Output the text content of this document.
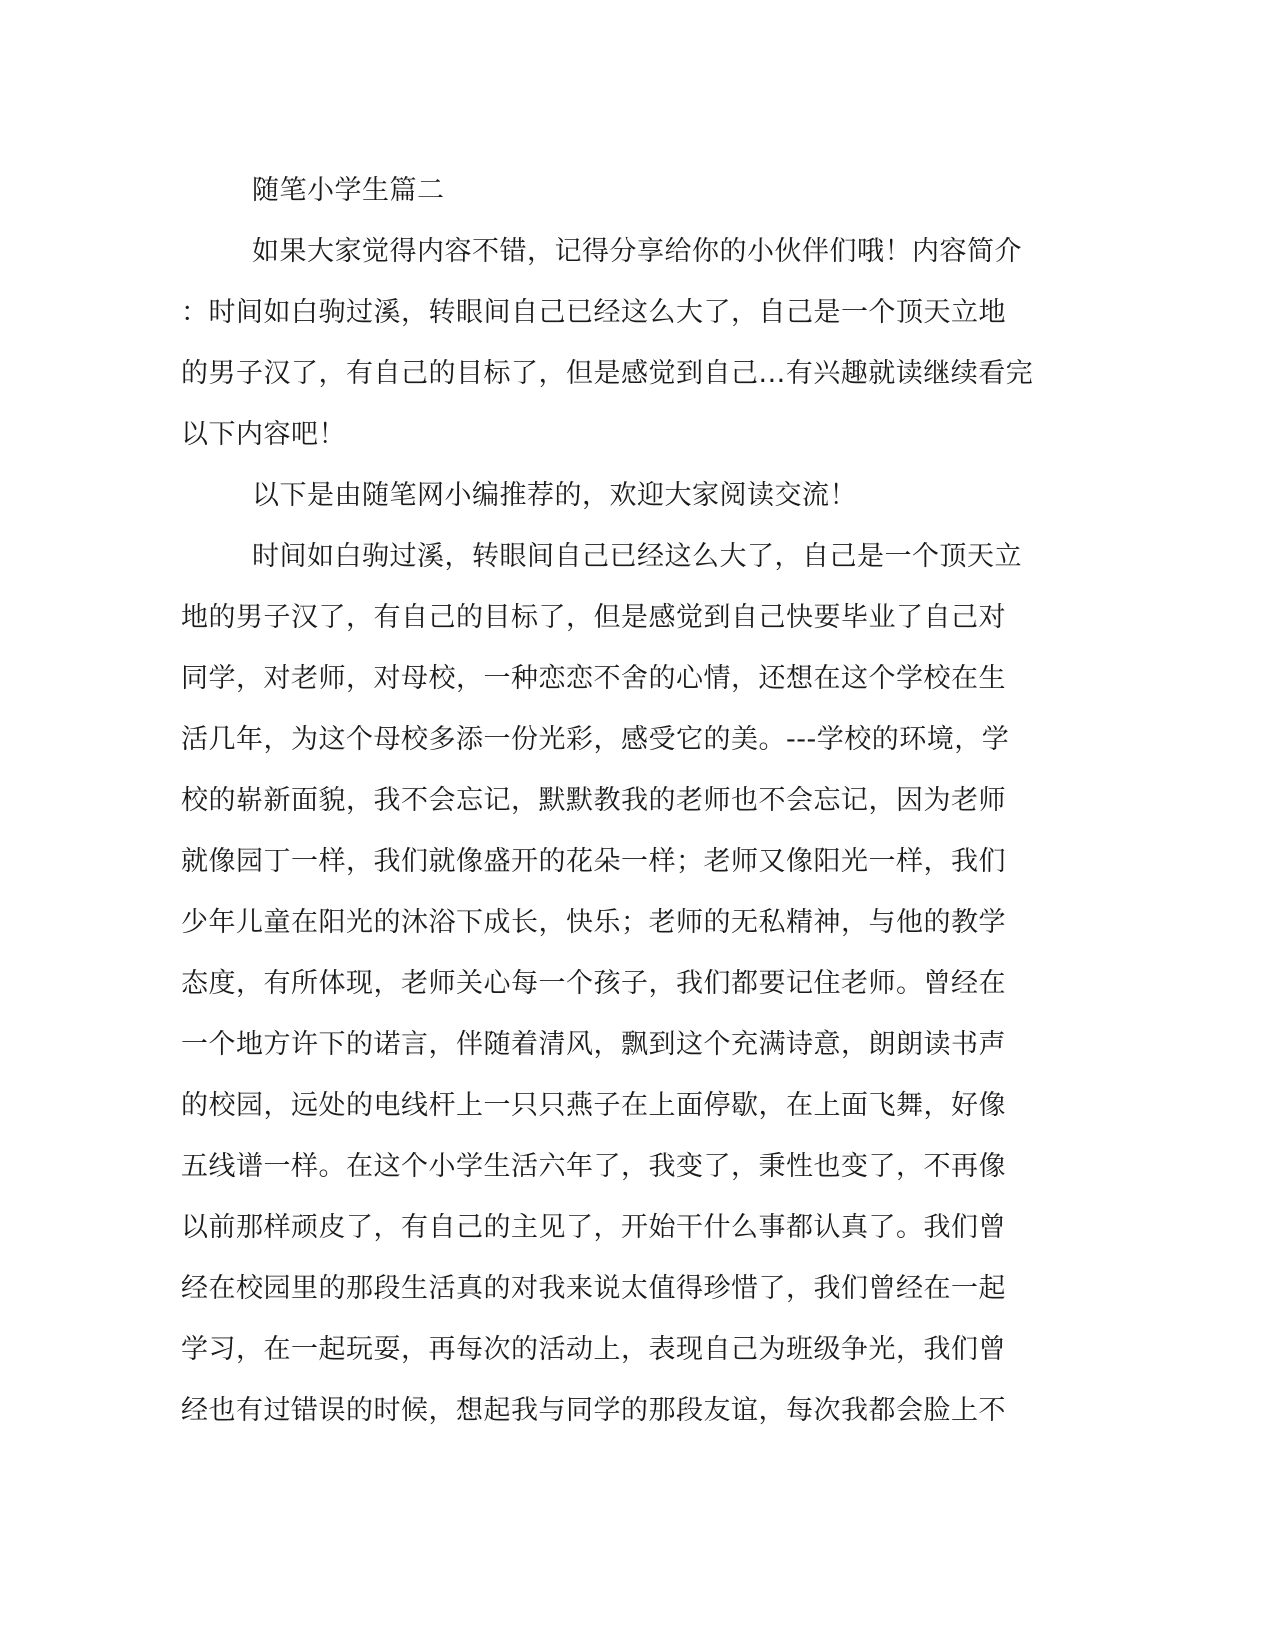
随笔小学生篇二
如果大家觉得内容不错，记得分享给你的小伙伴们哦！内容简介
：时间如白驹过溪，转眼间自己已经这么大了，自己是一个顶天立地
的男子汉了，有自己的目标了，但是感觉到自己...有兴趣就读继续看完
以下内容吧！
以下是由随笔网小编推荐的，欢迎大家阅读交流！
时间如白驹过溪，转眼间自己已经这么大了，自己是一个顶天立
地的男子汉了，有自己的目标了，但是感觉到自己快要毕业了自己对
同学，对老师，对母校，一种恋恋不舍的心情，还想在这个学校在生
活几年，为这个母校多添一份光彩，感受它的美。---学校的环境，学
校的崭新面貌，我不会忘记，默默教我的老师也不会忘记，因为老师
就像园丁一样，我们就像盛开的花朵一样；老师又像阳光一样，我们
少年儿童在阳光的沐浴下成长，快乐；老师的无私精神，与他的教学
态度，有所体现，老师关心每一个孩子，我们都要记住老师。曾经在
一个地方许下的诺言，伴随着清风，飘到这个充满诗意，朗朗读书声
的校园，远处的电线杆上一只只燕子在上面停歇，在上面飞舞，好像
五线谱一样。在这个小学生活六年了，我变了，秉性也变了，不再像
以前那样顽皮了，有自己的主见了，开始干什么事都认真了。我们曾
经在校园里的那段生活真的对我来说太值得珍惜了，我们曾经在一起
学习，在一起玩耍，再每次的活动上，表现自己为班级争光，我们曾
经也有过错误的时候，想起我与同学的那段友谊，每次我都会脸上不
